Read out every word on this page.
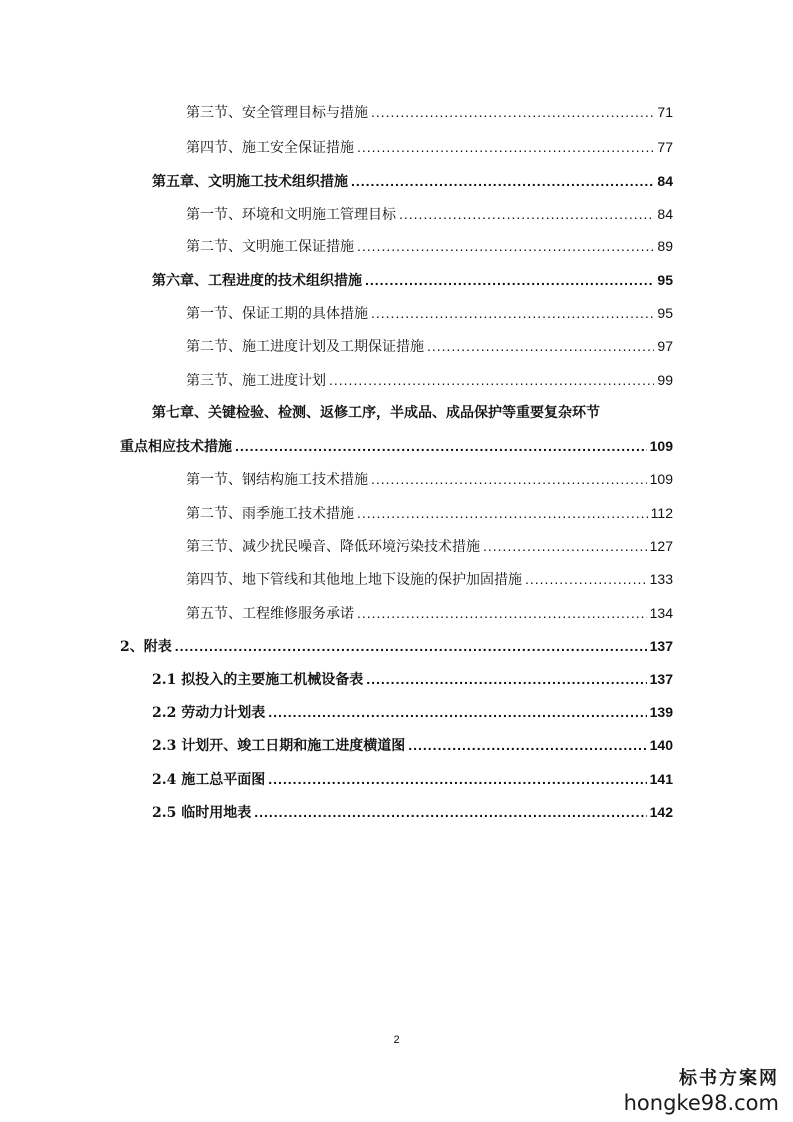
第三节、安全管理目标与措施 .....	71
第四节、施工安全保证措施 .....	77
第五章、文明施工技术组织措施 .....	84
第一节、环境和文明施工管理目标 .....	84
第二节、文明施工保证措施 .....	89
第六章、工程进度的技术组织措施 .....	95
第一节、保证工期的具体措施 .....	95
第二节、施工进度计划及工期保证措施 .....	97
第三节、施工进度计划 .....	99
第七章、关键检验、检测、返修工序，半成品、成品保护等重要复杂环节
重点相应技术措施 .....	109
第一节、钢结构施工技术措施 .....	109
第二节、雨季施工技术措施 .....	112
第三节、减少扰民噪音、降低环境污染技术措施 .....	127
第四节、地下管线和其他地上地下设施的保护加固措施 .....	133
第五节、工程维修服务承诺 .....	134
2、附表 .....	137
2.1 拟投入的主要施工机械设备表 .....	137
2.2 劳动力计划表 .....	139
2.3 计划开、竣工日期和施工进度横道图 .....	140
2.4 施工总平面图 .....	141
2.5 临时用地表 .....	142
2
标书方案网
hongke98.com
